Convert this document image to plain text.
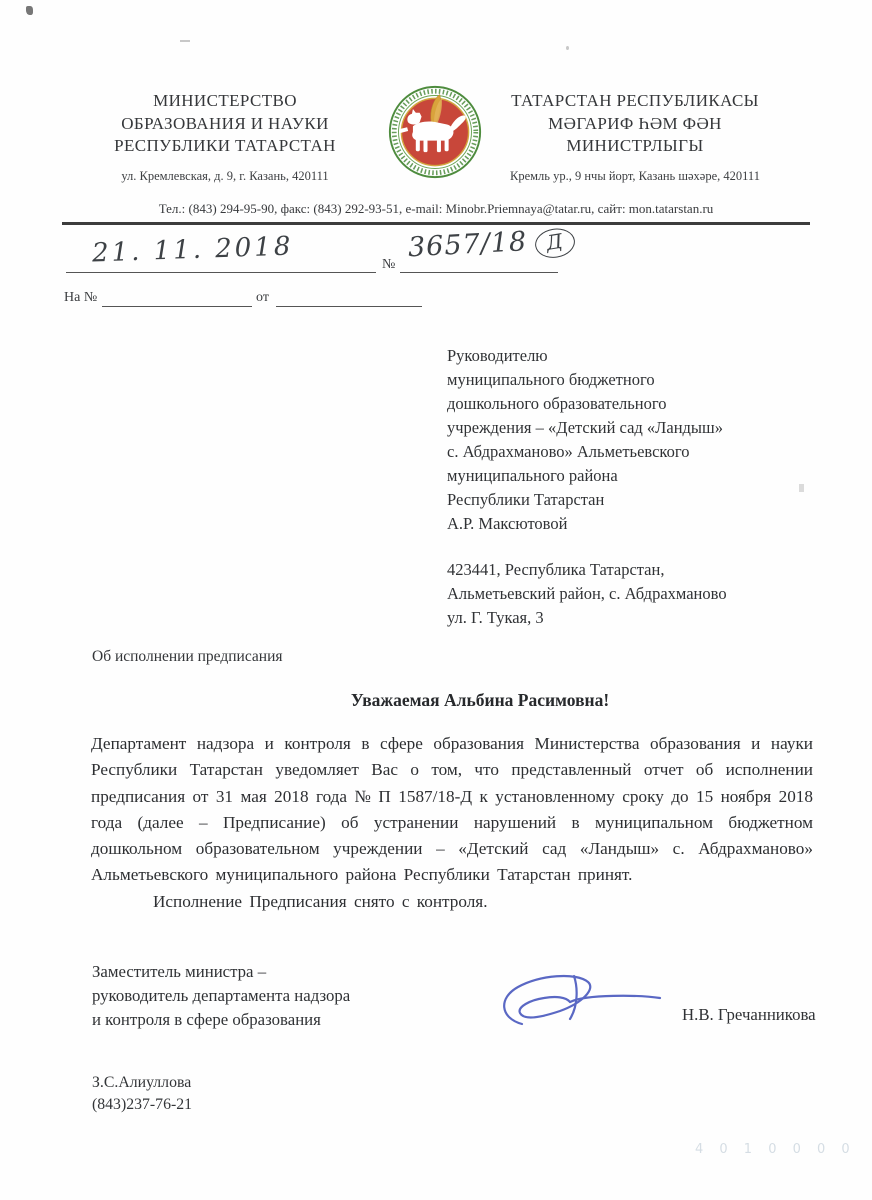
МИНИСТЕРСТВО
ОБРАЗОВАНИЯ И НАУКИ
РЕСПУБЛИКИ ТАТАРСТАН
ул. Кремлевская, д. 9, г. Казань, 420111
ТАТАРСТАН РЕСПУБЛИКАСЫ
МӘГАРИФ ҺӘМ ФӘН
МИНИСТРЛЫГЫ
Кремль ур., 9 нчы йорт, Казань шәхәре, 420111
Тел.: (843) 294-95-90, факс: (843) 292-93-51, e-mail: Minobr.Priemnaya@tatar.ru, сайт: mon.tatarstan.ru
21. 11. 2018	№
3657/18 Д
На №	от
Руководителю
муниципального бюджетного
дошкольного образовательного
учреждения – «Детский сад «Ландыш»
с. Абдрахманово» Альметьевского
муниципального района
Республики Татарстан
А.Р. Максютовой
423441, Республика Татарстан,
Альметьевский район, с. Абдрахманово
ул. Г. Тукая, 3
Об исполнении предписания
Уважаемая Альбина Расимовна!

Департамент надзора и контроля в сфере образования Министерства образования и науки Республики Татарстан уведомляет Вас о том, что представленный отчет об исполнении предписания от 31 мая 2018 года № П 1587/18-Д к установленному сроку до 15 ноября 2018 года (далее – Предписание) об устранении нарушений в муниципальном бюджетном дошкольном образовательном учреждении – «Детский сад «Ландыш» с. Абдрахманово» Альметьевского муниципального района Республики Татарстан принят.

Исполнение Предписания снято с контроля.

Заместитель министра –
руководитель департамента надзора
и контроля в сфере образования	Н.В. Гречанникова
З.С.Алиуллова
(843)237-76-21
4 0 1 0 0 0 0
